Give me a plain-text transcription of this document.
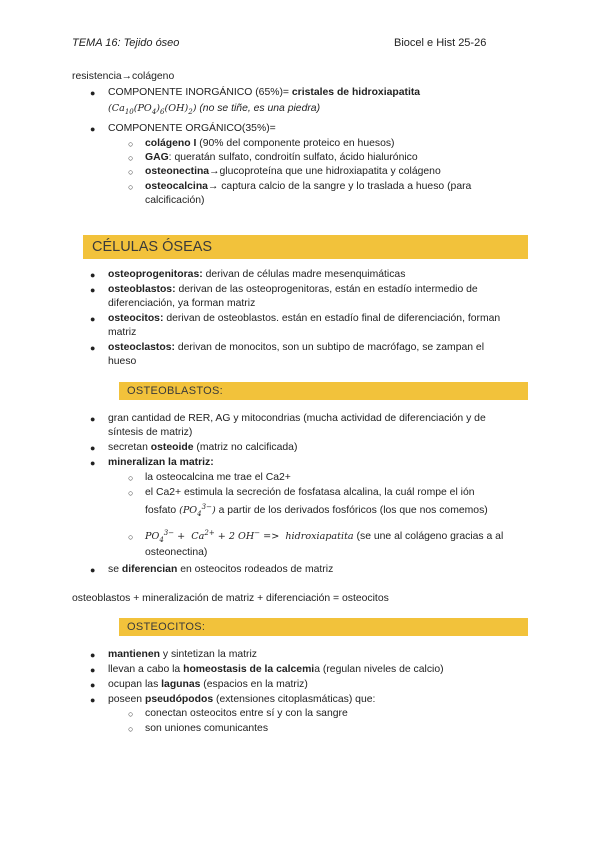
TEMA 16: Tejido óseo	Biocel e Hist 25-26
resistencia→colágeno
● COMPONENTE INORGÁNICO (65%)= cristales de hidroxiapatita
$(Ca_{10}(PO_4)_6(OH)_2)$ (no se tiñe, es una piedra)
● COMPONENTE ORGÁNICO(35%)=
○ colágeno I (90% del componente proteico en huesos)
○ GAG: queratán sulfato, condroitín sulfato, ácido hialurónico
○ osteonectina→glucoproteína que une hidroxiapatita y colágeno
○ osteocalcina→ captura calcio de la sangre y lo traslada a hueso (para
calcificación)
CÉLULAS ÓSEAS
● osteoprogenitoras: derivan de células madre mesenquimáticas
● osteoblastos: derivan de las osteoprogenitoras, están en estadío intermedio de
diferenciación, ya forman matriz
● osteocitos: derivan de osteoblastos. están en estadío final de diferenciación, forman
matriz
● osteoclastos: derivan de monocitos, son un subtipo de macrófago, se zampan el
hueso
OSTEOBLASTOS:
● gran cantidad de RER, AG y mitocondrias (mucha actividad de diferenciación y de
síntesis de matriz)
● secretan osteoide (matriz no calcificada)
● mineralizan la matriz:
○ la osteocalcina me trae el Ca2+
○ el Ca2+ estimula la secreción de fosfatasa alcalina, la cuál rompe el ión
fosfato $(PO_4^{3-})$ a partir de los derivados fosfóricos (los que nos comemos)
○ $PO_4^{3-} + Ca^{2+} + 2$ OH− =>  hidroxiapatita (se une al colágeno gracias a al
osteonectina)
● se diferencian en osteocitos rodeados de matriz
osteoblastos + mineralización de matriz + diferenciación = osteocitos
OSTEOCITOS:
● mantienen y sintetizan la matriz
● llevan a cabo la homeostasis de la calcemia (regulan niveles de calcio)
● ocupan las lagunas (espacios en la matriz)
● poseen pseudópodos (extensiones citoplasmáticas) que:
○ conectan osteocitos entre sí y con la sangre
○ son uniones comunicantes
